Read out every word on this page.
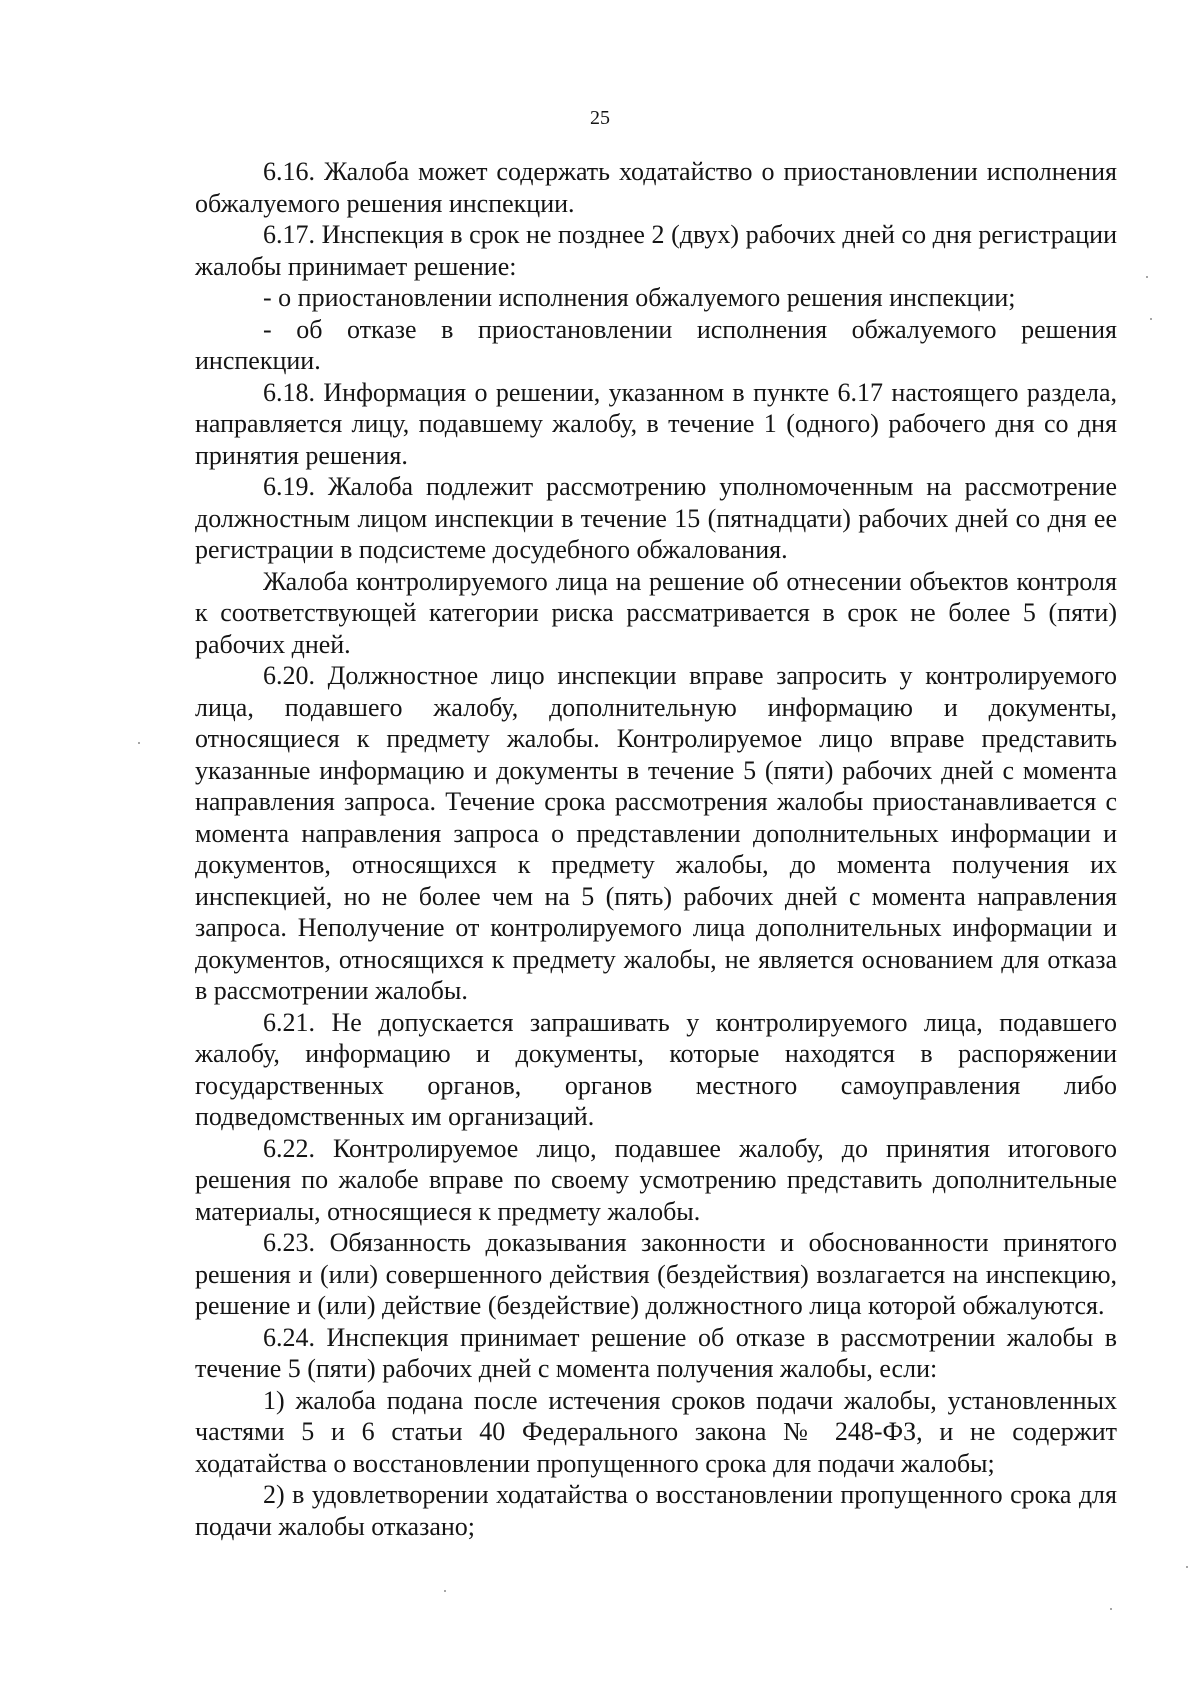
25

6.16. Жалоба может содержать ходатайство о приостановлении исполнения обжалуемого решения инспекции.

6.17. Инспекция в срок не позднее 2 (двух) рабочих дней со дня регистрации жалобы принимает решение:

- о приостановлении исполнения обжалуемого решения инспекции;

- об отказе в приостановлении исполнения обжалуемого решения инспекции.

6.18. Информация о решении, указанном в пункте 6.17 настоящего раздела, направляется лицу, подавшему жалобу, в течение 1 (одного) рабочего дня со дня принятия решения.

6.19. Жалоба подлежит рассмотрению уполномоченным на рассмотрение должностным лицом инспекции в течение 15 (пятнадцати) рабочих дней со дня ее регистрации в подсистеме досудебного обжалования.

Жалоба контролируемого лица на решение об отнесении объектов контроля к соответствующей категории риска рассматривается в срок не более 5 (пяти) рабочих дней.

6.20. Должностное лицо инспекции вправе запросить у контролируемого лица, подавшего жалобу, дополнительную информацию и документы, относящиеся к предмету жалобы. Контролируемое лицо вправе представить указанные информацию и документы в течение 5 (пяти) рабочих дней с момента направления запроса. Течение срока рассмотрения жалобы приостанавливается с момента направления запроса о представлении дополнительных информации и документов, относящихся к предмету жалобы, до момента получения их инспекцией, но не более чем на 5 (пять) рабочих дней с момента направления запроса. Неполучение от контролируемого лица дополнительных информации и документов, относящихся к предмету жалобы, не является основанием для отказа в рассмотрении жалобы.

6.21. Не допускается запрашивать у контролируемого лица, подавшего жалобу, информацию и документы, которые находятся в распоряжении государственных органов, органов местного самоуправления либо подведомственных им организаций.

6.22. Контролируемое лицо, подавшее жалобу, до принятия итогового решения по жалобе вправе по своему усмотрению представить дополнительные материалы, относящиеся к предмету жалобы.

6.23. Обязанность доказывания законности и обоснованности принятого решения и (или) совершенного действия (бездействия) возлагается на инспекцию, решение и (или) действие (бездействие) должностного лица которой обжалуются.

6.24. Инспекция принимает решение об отказе в рассмотрении жалобы в течение 5 (пяти) рабочих дней с момента получения жалобы, если:

1) жалоба подана после истечения сроков подачи жалобы, установленных частями 5 и 6 статьи 40 Федерального закона № 248-ФЗ, и не содержит ходатайства о восстановлении пропущенного срока для подачи жалобы;

2) в удовлетворении ходатайства о восстановлении пропущенного срока для подачи жалобы отказано;
